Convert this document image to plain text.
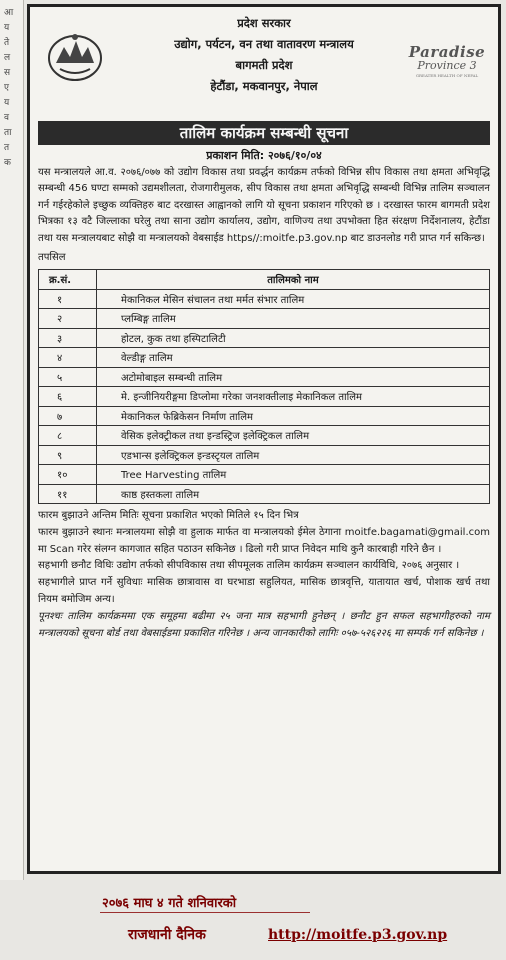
आ
य
ते
ल
स
ए
य
व
ता
त
क
प्रदेश सरकार
उद्योग, पर्यटन, वन तथा वातावरण मन्त्रालय
बागमती प्रदेश
हेटौंडा, मकवानपुर, नेपाल
Paradise
Province 3
GREATER HEALTH OF NEPAL
तालिम कार्यक्रम सम्बन्धी सूचना
प्रकाशन मिति: २०७६/१०/०४

यस मन्त्रालयले आ.व. २०७६/०७७ को उद्योग विकास तथा प्रवर्द्धन कार्यक्रम तर्फको विभिन्न सीप विकास तथा क्षमता अभिवृद्धि सम्बन्धी 456 घण्टा सम्मको उद्यमशीलता, रोजगारीमुलक, सीप विकास तथा क्षमता अभिवृद्धि सम्बन्धी विभिन्न तालिम सञ्चालन गर्न गईरहेकोले इच्छुक व्यक्तिहरु बाट दरखास्त आह्वानको लागि यो सूचना प्रकाशन गरिएको छ । दरखास्त फारम बागमती प्रदेश भित्रका १३ वटै जिल्लाका घरेलु तथा साना उद्योग कार्यालय, उद्योग, वाणिज्य तथा उपभोक्ता हित संरक्षण निर्देशनालय, हेटौंडा तथा यस मन्त्रालयबाट सोझै वा मन्त्रालयको वेबसाईड https//:moitfe.p3.gov.np बाट डाउनलोड गरी प्राप्त गर्न सकिन्छ।

तपसिल
क्र.सं.	तालिमको नाम
१	मेकानिकल मेसिन संचालन तथा मर्मत संभार तालिम
२	प्लम्बिङ्ग तालिम
३	होटल, कुक तथा हस्पिटालिटी
४	वेल्डीङ्ग तालिम
५	अटोमोबाइल सम्बन्धी तालिम
६	मे. इन्जीनियरीङ्गमा डिप्लोमा गरेका जनशक्तीलाइ मेकानिकल तालिम
७	मेकानिकल फेब्रिकेसन निर्माण तालिम
८	वेसिक इलेक्ट्रीकल तथा इन्डस्ट्रिज इलेक्ट्रिकल तालिम
९	एडभान्स इलेक्ट्रिकल इन्डस्टृयल तालिम
१०	Tree Harvesting तालिम
११	काष्ठ हस्तकला तालिम

फारम बुझाउने अन्तिम मितिः सूचना प्रकाशित भएको मितिले १५ दिन भित्र

फारम बुझाउने स्थानः मन्त्रालयमा सोझै वा हुलाक मार्फत वा मन्त्रालयको ईमेल ठेगाना moitfe.bagamati@gmail.com मा Scan गरेर संलग्न कागजात सहित पठाउन सकिनेछ । ढिलो गरी प्राप्त निवेदन माथि कुनै कारबाही गरिने छैन ।

सहभागी छनौट विधिः उद्योग तर्फको सीपविकास तथा सीपमूलक तालिम कार्यक्रम सञ्चालन कार्यविधि, २०७६ अनुसार ।

सहभागीले प्राप्त गर्ने सुविधाः मासिक छात्रावास वा घरभाडा सहुलियत, मासिक छात्रवृत्ति, यातायात खर्च, पोशाक खर्च तथा नियम बमोजिम अन्य।

पूनश्चः तालिम कार्यक्रममा एक समूहमा बढीमा २५ जना मात्र सहभागी हुनेछन् । छनौट हुन सफल सहभागीहरुको नाम मन्त्रालयको सूचना बोर्ड तथा वेबसाईडमा प्रकाशित गरिनेछ । अन्य जानकारीको लागिः ०५७-५२६२२६ मा सम्पर्क गर्न सकिनेछ ।

२०७६ माघ ४ गते शनिवारको
राजधानी दैनिक	http://moitfe.p3.gov.np
